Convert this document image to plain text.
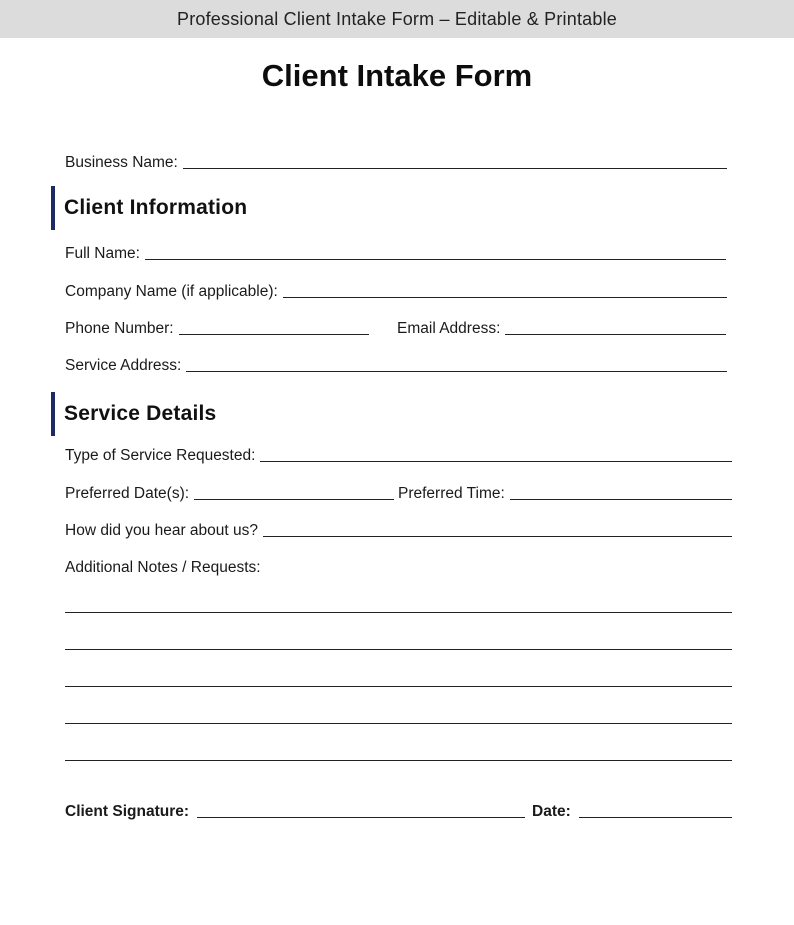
Professional Client Intake Form – Editable & Printable
Client Intake Form
Business Name:
Client Information
Full Name:
Company Name (if applicable):
Phone Number:	Email Address:
Service Address:
Service Details
Type of Service Requested:
Preferred Date(s):	Preferred Time:
How did you hear about us?
Additional Notes / Requests:
Client Signature:	Date:
